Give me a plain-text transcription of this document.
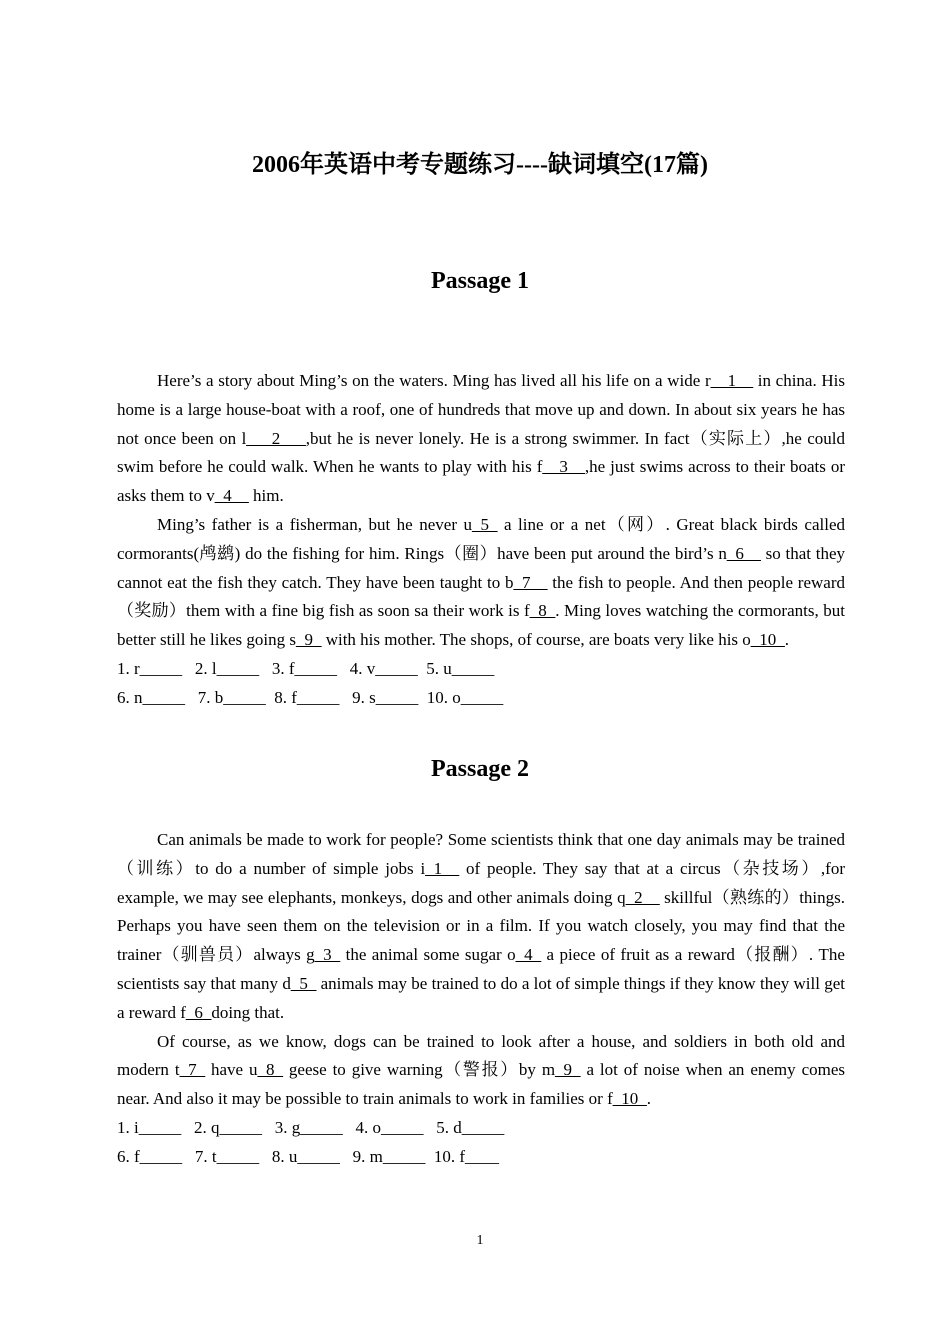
2006年英语中考专题练习----缺词填空(17篇)
Passage 1

Here’s a story about Ming’s on the waters. Ming has lived all his life on a wide r__1__ in china. His home is a large house-boat with a roof, one of hundreds that move up and down. In about six years he has not once been on l___2___,but he is never lonely. He is a strong swimmer. In fact（实际上）,he could swim before he could walk. When he wants to play with his f__3__,he just swims across to their boats or asks them to v_4__ him.

Ming’s father is a fisherman, but he never u_5_ a line or a net（网）. Great black birds called cormorants(鸬鹚) do the fishing for him. Rings（圈）have been put around the bird’s n_6__ so that they cannot eat the fish they catch. They have been taught to b_7__ the fish to people. And then people reward（奖励）them with a fine big fish as soon sa their work is f_8_. Ming loves watching the cormorants, but better still he likes going s_9_ with his mother. The shops, of course, are boats very like his o_10_.

1. r_____   2. l_____   3. f_____   4. v_____  5. u_____
6. n_____   7. b_____  8. f_____   9. s_____  10. o_____
Passage 2

Can animals be made to work for people? Some scientists think that one day animals may be trained（训练）to do a number of simple jobs i_1__ of people. They say that at a circus（杂技场）,for example, we may see elephants, monkeys, dogs and other animals doing q_2__ skillful（熟练的）things. Perhaps you have seen them on the television or in a film. If you watch closely, you may find that the trainer（驯兽员）always g_3_ the animal some sugar o_4_ a piece of fruit as a reward（报酬）. The scientists say that many d_5_ animals may be trained to do a lot of simple things if they know they will get a reward f_6_doing that.

Of course, as we know, dogs can be trained to look after a house, and soldiers in both old and modern t_7_ have u_8_ geese to give warning（警报）by m_9_ a lot of noise when an enemy comes near. And also it may be possible to train animals to work in families or f_10_.

1. i_____   2. q_____   3. g_____   4. o_____   5. d_____
6. f_____   7. t_____   8. u_____   9. m_____  10. f____
1
